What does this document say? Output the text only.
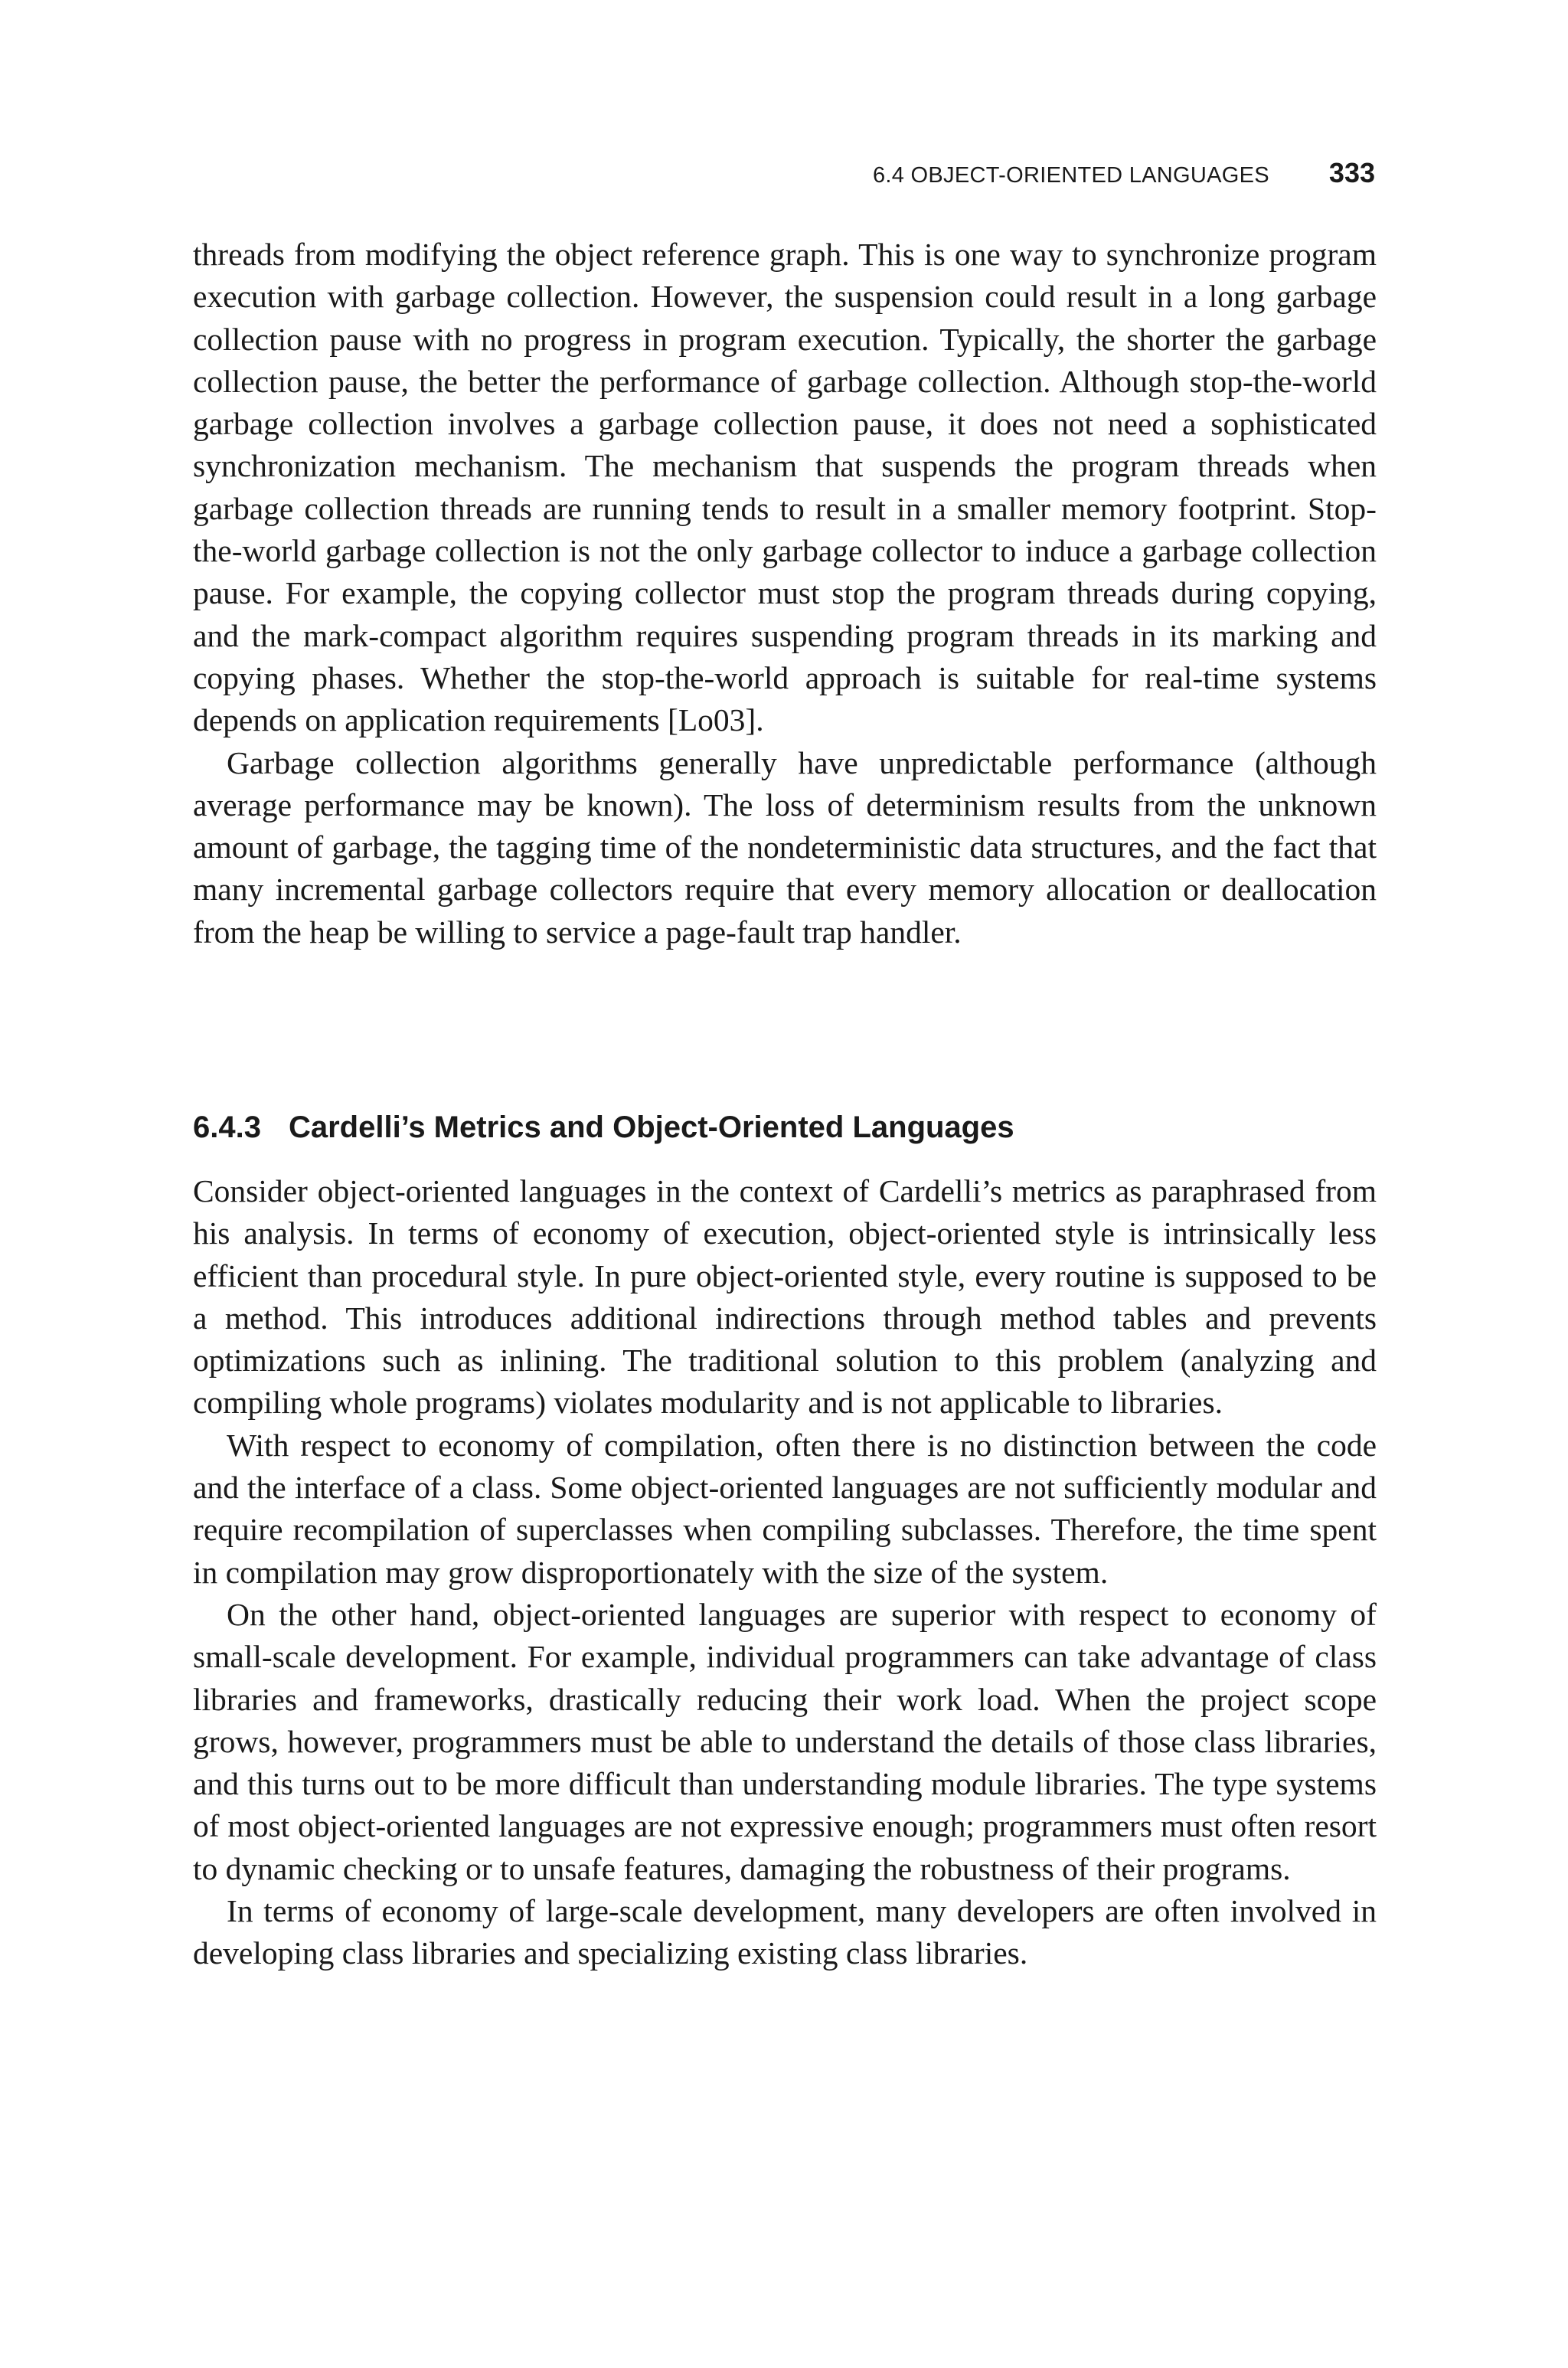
6.4 OBJECT-ORIENTED LANGUAGES 333

threads from modifying the object reference graph. This is one way to synchronize program execution with garbage collection. However, the suspension could result in a long garbage collection pause with no progress in program execution. Typically, the shorter the garbage collection pause, the better the performance of garbage collection. Although stop-the-world garbage collection involves a garbage collection pause, it does not need a sophisticated synchronization mechanism. The mechanism that suspends the program threads when garbage collection threads are running tends to result in a smaller memory footprint. Stop-the-world garbage collection is not the only garbage collector to induce a garbage collection pause. For example, the copying collector must stop the program threads during copying, and the mark-compact algorithm requires suspending program threads in its marking and copying phases. Whether the stop-the-world approach is suitable for real-time systems depends on application requirements [Lo03].

Garbage collection algorithms generally have unpredictable performance (although average performance may be known). The loss of determinism results from the unknown amount of garbage, the tagging time of the nondeterministic data structures, and the fact that many incremental garbage collectors require that every memory allocation or deallocation from the heap be willing to service a page-fault trap handler.

6.4.3 Cardelli’s Metrics and Object-Oriented Languages

Consider object-oriented languages in the context of Cardelli’s metrics as paraphrased from his analysis. In terms of economy of execution, object-oriented style is intrinsically less efficient than procedural style. In pure object-oriented style, every routine is supposed to be a method. This introduces additional indirections through method tables and prevents optimizations such as inlining. The traditional solution to this problem (analyzing and compiling whole programs) violates modularity and is not applicable to libraries.

With respect to economy of compilation, often there is no distinction between the code and the interface of a class. Some object-oriented languages are not sufficiently modular and require recompilation of superclasses when compiling subclasses. Therefore, the time spent in compilation may grow disproportionately with the size of the system.

On the other hand, object-oriented languages are superior with respect to economy of small-scale development. For example, individual programmers can take advantage of class libraries and frameworks, drastically reducing their work load. When the project scope grows, however, programmers must be able to understand the details of those class libraries, and this turns out to be more difficult than understanding module libraries. The type systems of most object-oriented languages are not expressive enough; programmers must often resort to dynamic checking or to unsafe features, damaging the robustness of their programs.

In terms of economy of large-scale development, many developers are often involved in developing class libraries and specializing existing class libraries.
